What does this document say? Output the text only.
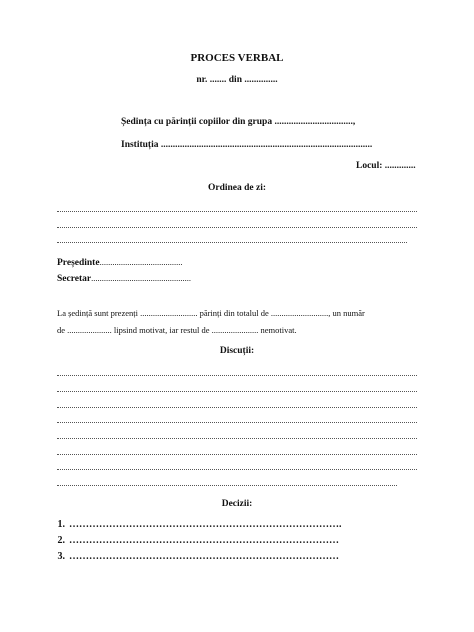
PROCES VERBAL
nr. ....... din ..............
Ședința cu părinții copiilor din grupa .................................,
Instituția .........................................................................................
Locul: .............
Ordinea de zi:
Președinte.......................................
Secretar...............................................
La ședință sunt prezenți ........................... părinți din totalul de ..........................., un număr
de ..................... lipsind motivat, iar restul de ...................... nemotivat.
Discuții:
Decizii:
1. ……………………………………………………………………….
2. ………………………………………………………………………
3. ………………………………………………………………………
